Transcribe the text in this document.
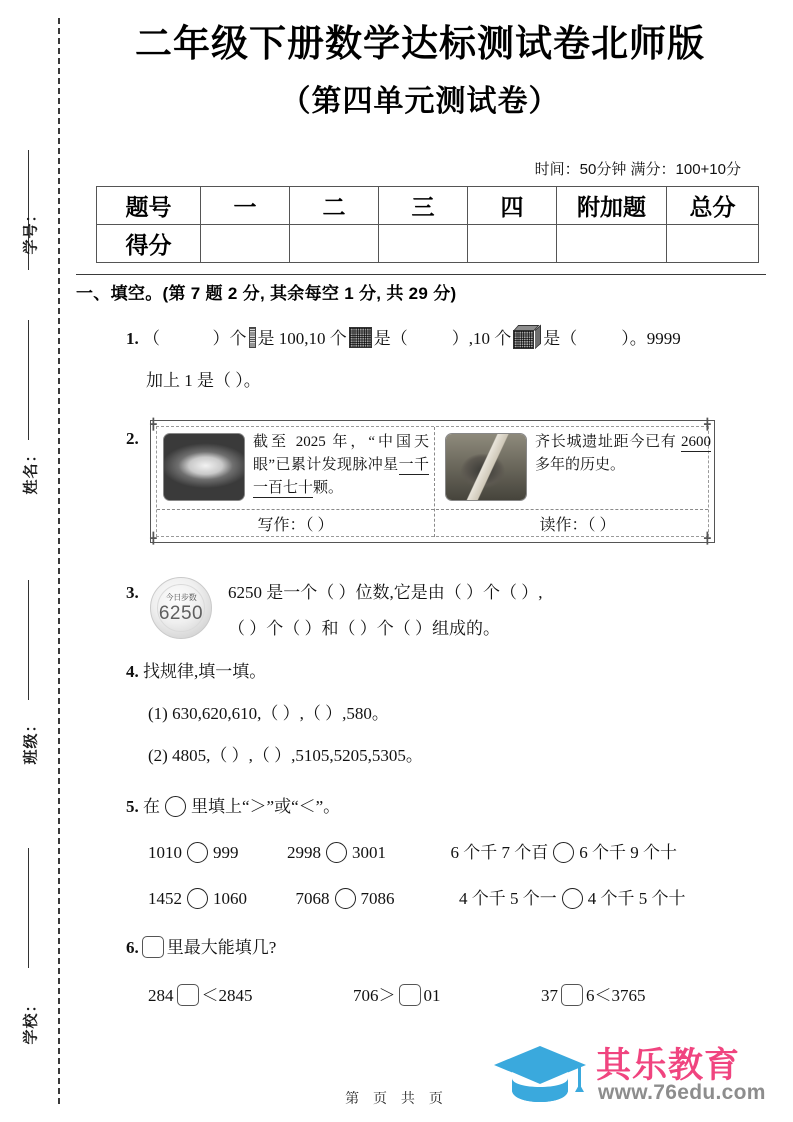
学号：
姓名：
班级：
学校：
二年级下册数学达标测试卷北师版
（第四单元测试卷）
时间：50分钟 满分：100+10分
题号	一	二	三	四	附加题	总分
得分						
一、填空。(第 7 题 2 分, 其余每空 1 分, 共 29 分)
1. （	）个 是 100,10 个 是（	）,10 个 是（	）。9999
加上 1 是（ ）。
2.
╋	╋
╋	╋
截至 2025 年，“中国天眼”已累计发现脉冲星一千一百七十颗。
写作：（ ）
齐长城遗址距今已有 2600 多年的历史。
读作：（ ）
3.	今日步数
6250
6250 是一个（ ）位数,它是由（ ）个（ ）,
（ ）个（ ）和（ ）个（ ）组成的。
4. 找规律,填一填。
(1) 630,620,610,（ ）,（ ）,580。
(2) 4805,（ ）,（ ）,5105,5205,5305。
5. 在 里填上“＞”或“＜”。
1010 999	2998 3001	6 个千 7 个百 6 个千 9 个十
1452 1060	7068 7086	4 个千 5 个一 4 个千 5 个十
6. 里最大能填几?
284 ＜2845	706＞ 01	37 6＜3765
其乐教育
www.76edu.com
第 页 共 页
